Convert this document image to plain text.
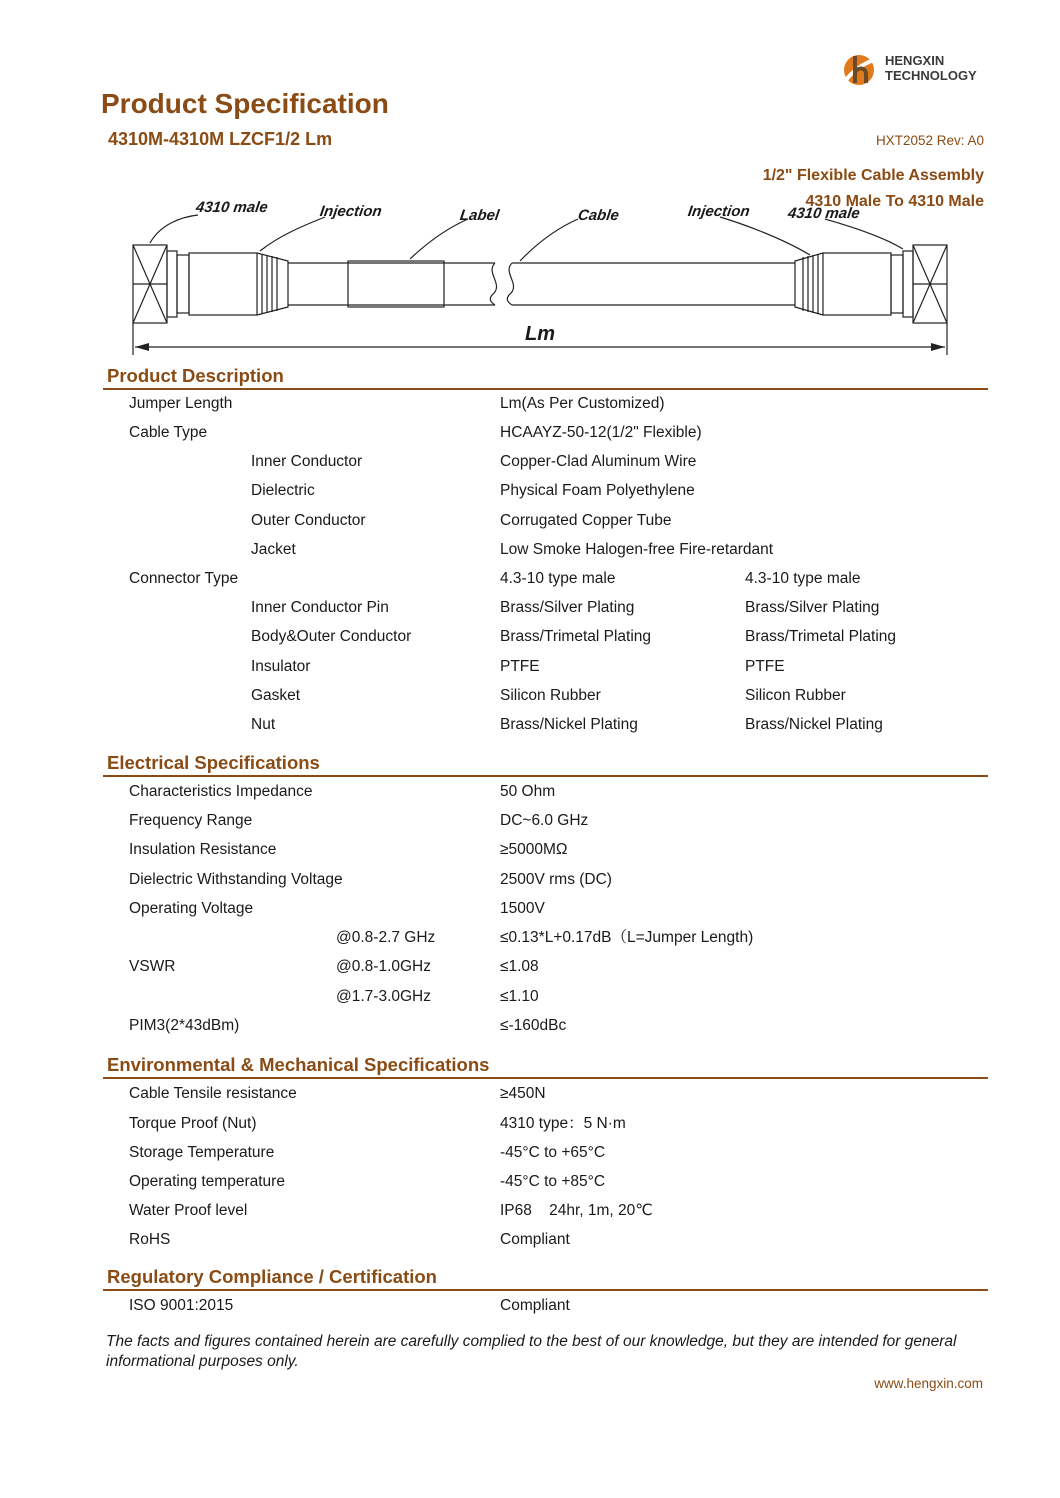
HENGXIN
TECHNOLOGY
Product Specification
4310M-4310M LZCF1/2 Lm	HXT2052 Rev: A0
1/2" Flexible Cable Assembly
4310 Male To 4310 Male
4310 male	Injection	Label	Cable	Injection 4310 male
Lm
Product Description
Jumper Length	Lm(As Per Customized)
Cable Type	HCAAYZ-50-12(1/2" Flexible)
Inner Conductor	Copper-Clad Aluminum Wire
Dielectric	Physical Foam Polyethylene
Outer Conductor	Corrugated Copper Tube
Jacket	Low Smoke Halogen-free Fire-retardant
Connector Type	4.3-10 type male	4.3-10 type male
Inner Conductor Pin	Brass/Silver Plating	Brass/Silver Plating
Body&Outer Conductor	Brass/Trimetal Plating	Brass/Trimetal Plating
Insulator	PTFE	PTFE
Gasket	Silicon Rubber	Silicon Rubber
Nut	Brass/Nickel Plating	Brass/Nickel Plating
Electrical Specifications
Characteristics Impedance	50 Ohm
Frequency Range	DC~6.0 GHz
Insulation Resistance	≥5000MΩ
Dielectric Withstanding Voltage	2500V rms (DC)
Operating Voltage	1500V
@0.8-2.7 GHz	≤0.13*L+0.17dB（L=Jumper Length)
VSWR	@0.8-1.0GHz	≤1.08
@1.7-3.0GHz	≤1.10
PIM3(2*43dBm)	≤-160dBc
Environmental & Mechanical Specifications
Cable Tensile resistance	≥450N
Torque Proof (Nut)	4310 type：5 N·m
Storage Temperature	-45°C to +65°C
Operating temperature	-45°C to +85°C
Water Proof level	IP68    24hr, 1m, 20℃
RoHS	Compliant
Regulatory Compliance / Certification
ISO 9001:2015	Compliant
The facts and figures contained herein are carefully complied to the best of our knowledge, but they are intended for general informational purposes only.
www.hengxin.com
